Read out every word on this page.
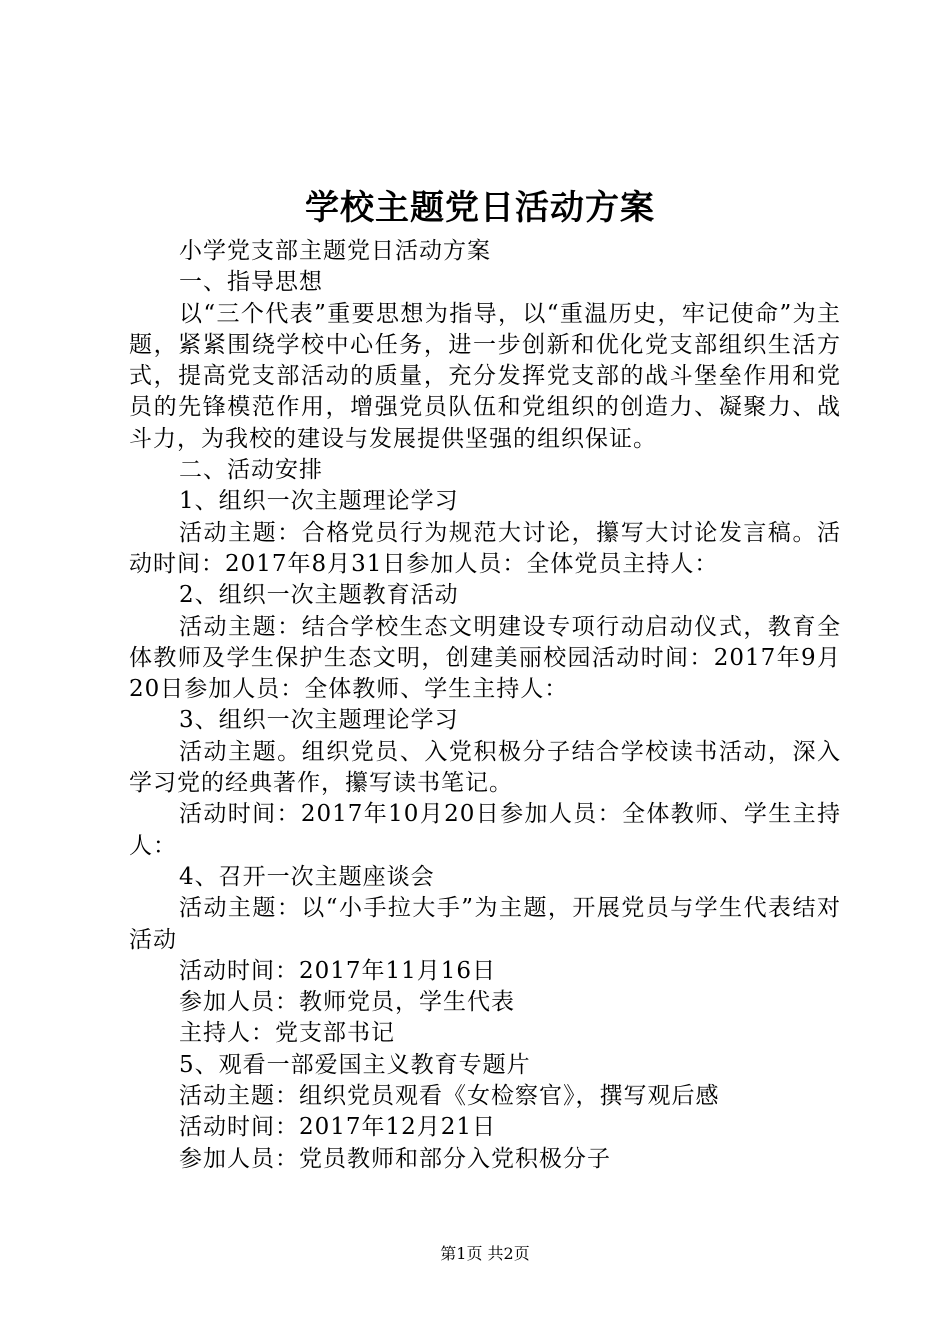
学校主题党日活动方案

小学党支部主题党日活动方案

一、指导思想

以“三个代表”重要思想为指导，以“重温历史，牢记使命”为主题，紧紧围绕学校中心任务，进一步创新和优化党支部组织生活方式，提高党支部活动的质量，充分发挥党支部的战斗堡垒作用和党员的先锋模范作用，增强党员队伍和党组织的创造力、凝聚力、战斗力，为我校的建设与发展提供坚强的组织保证。

二、活动安排

1、组织一次主题理论学习

活动主题：合格党员行为规范大讨论，攥写大讨论发言稿。活动时间：2017年8月31日参加人员：全体党员主持人：

2、组织一次主题教育活动

活动主题：结合学校生态文明建设专项行动启动仪式，教育全体教师及学生保护生态文明，创建美丽校园活动时间：2017年9月20日参加人员：全体教师、学生主持人：

3、组织一次主题理论学习

活动主题。组织党员、入党积极分子结合学校读书活动，深入学习党的经典著作，攥写读书笔记。

活动时间：2017年10月20日参加人员：全体教师、学生主持人：

4、召开一次主题座谈会

活动主题：以“小手拉大手”为主题，开展党员与学生代表结对活动

活动时间：2017年11月16日

参加人员：教师党员，学生代表

主持人：党支部书记

5、观看一部爱国主义教育专题片

活动主题：组织党员观看《女检察官》，撰写观后感

活动时间：2017年12月21日

参加人员：党员教师和部分入党积极分子

第1页 共2页
